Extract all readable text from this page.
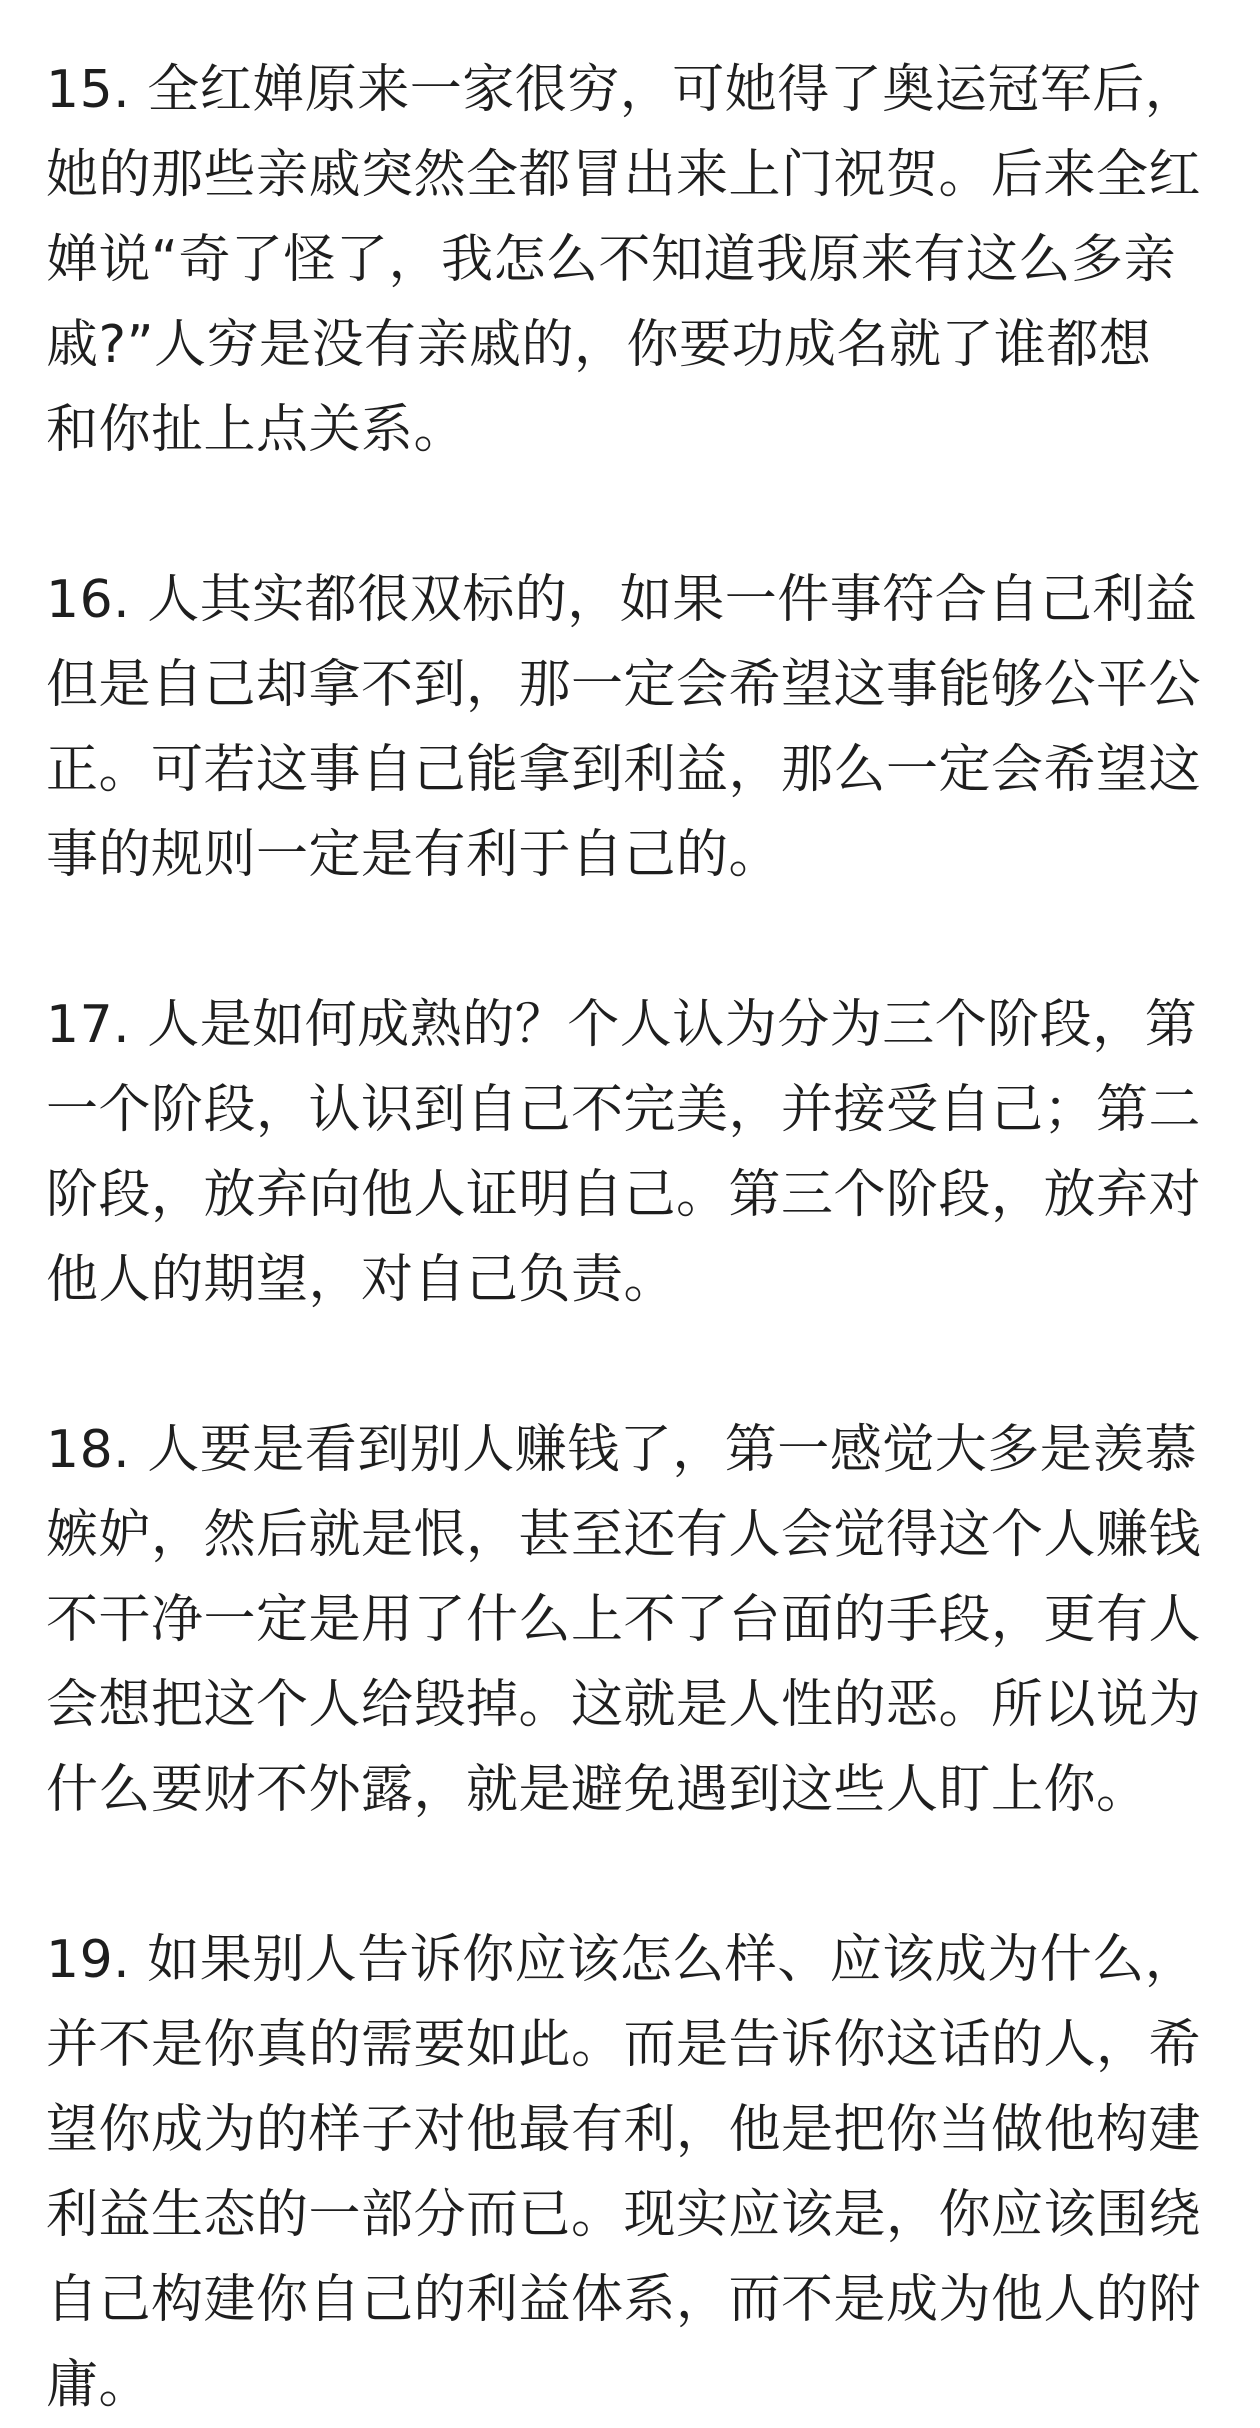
15. 全红婵原来一家很穷，可她得了奥运冠军后，
她的那些亲戚突然全都冒出来上门祝贺。后来全红
婵说“奇了怪了，我怎么不知道我原来有这么多亲
戚?”人穷是没有亲戚的，你要功成名就了谁都想
和你扯上点关系。
16. 人其实都很双标的，如果一件事符合自己利益
但是自己却拿不到，那一定会希望这事能够公平公
正。可若这事自己能拿到利益，那么一定会希望这
事的规则一定是有利于自己的。
17. 人是如何成熟的？个人认为分为三个阶段，第
一个阶段，认识到自己不完美，并接受自己；第二
阶段，放弃向他人证明自己。第三个阶段，放弃对
他人的期望，对自己负责。
18. 人要是看到别人赚钱了，第一感觉大多是羡慕
嫉妒，然后就是恨，甚至还有人会觉得这个人赚钱
不干净一定是用了什么上不了台面的手段，更有人
会想把这个人给毁掉。这就是人性的恶。所以说为
什么要财不外露，就是避免遇到这些人盯上你。
19. 如果别人告诉你应该怎么样、应该成为什么，
并不是你真的需要如此。而是告诉你这话的人，希
望你成为的样子对他最有利，他是把你当做他构建
利益生态的一部分而已。现实应该是，你应该围绕
自己构建你自己的利益体系，而不是成为他人的附
庸。
